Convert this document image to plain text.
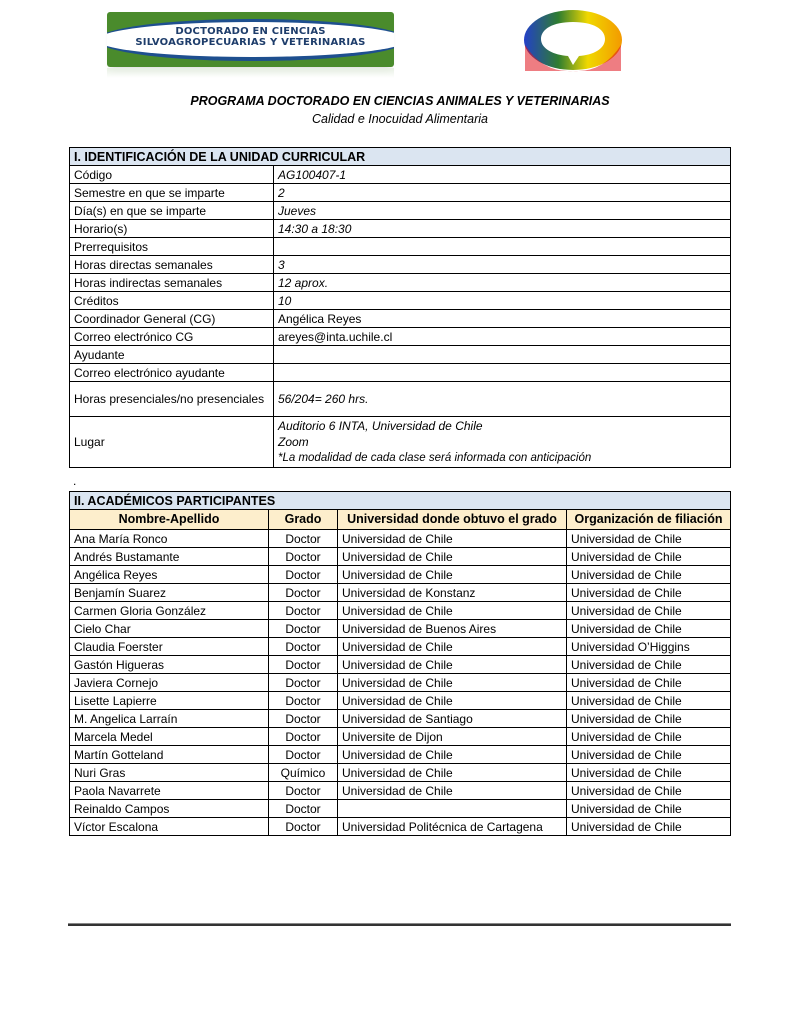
DOCTORADO EN CIENCIAS
SILVOAGROPECUARIAS Y VETERINARIAS
PROGRAMA DOCTORADO EN CIENCIAS ANIMALES Y VETERINARIAS
Calidad e Inocuidad Alimentaria
I. IDENTIFICACIÓN DE LA UNIDAD CURRICULAR	
Código	AG100407-1
Semestre en que se imparte	2
Día(s) en que se imparte	Jueves
Horario(s)	14:30 a 18:30
Prerrequisitos	
Horas directas semanales	3
Horas indirectas semanales	12 aprox.
Créditos	10
Coordinador General (CG)	Angélica Reyes
Correo electrónico CG	areyes@inta.uchile.cl
Ayudante	
Correo electrónico ayudante	
Horas presenciales/no presenciales	56/204= 260 hrs.
Lugar	Auditorio 6 INTA, Universidad de Chile
Zoom
*La modalidad de cada clase será informada con anticipación
.
II. ACADÉMICOS PARTICIPANTES			
Nombre-Apellido	Grado	Universidad donde obtuvo el grado	Organización de filiación
Ana María Ronco	Doctor	Universidad de Chile	Universidad de Chile
Andrés Bustamante	Doctor	Universidad de Chile	Universidad de Chile
Angélica Reyes	Doctor	Universidad de Chile	Universidad de Chile
Benjamín Suarez	Doctor	Universidad de Konstanz	Universidad de Chile
Carmen Gloria González	Doctor	Universidad de Chile	Universidad de Chile
Cielo Char	Doctor	Universidad de Buenos Aires	Universidad de Chile
Claudia Foerster	Doctor	Universidad de Chile	Universidad O’Higgins
Gastón Higueras	Doctor	Universidad de Chile	Universidad de Chile
Javiera Cornejo	Doctor	Universidad de Chile	Universidad de Chile
Lisette Lapierre	Doctor	Universidad de Chile	Universidad de Chile
M. Angelica Larraín	Doctor	Universidad de Santiago	Universidad de Chile
Marcela Medel	Doctor	Universite de Dijon	Universidad de Chile
Martín Gotteland	Doctor	Universidad de Chile	Universidad de Chile
Nuri Gras	Químico	Universidad de Chile	Universidad de Chile
Paola Navarrete	Doctor	Universidad de Chile	Universidad de Chile
Reinaldo Campos	Doctor		Universidad de Chile
Víctor Escalona	Doctor	Universidad Politécnica de Cartagena	Universidad de Chile
